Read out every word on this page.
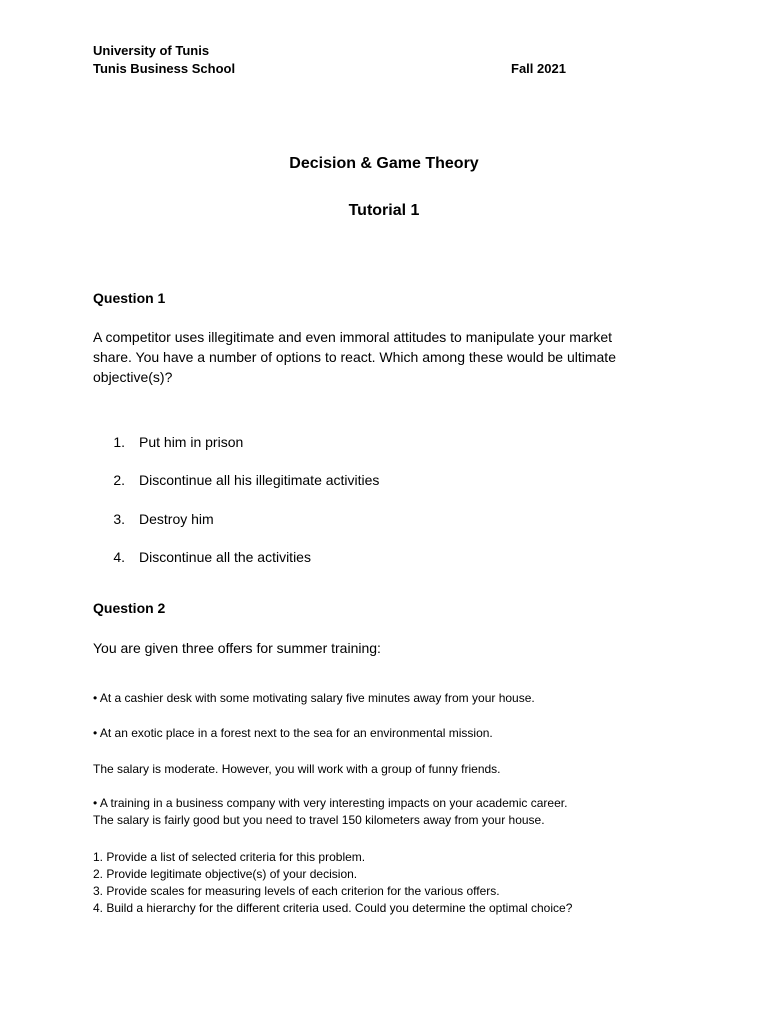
University of Tunis
Tunis Business School	Fall 2021
Decision & Game Theory
Tutorial 1
Question 1
A competitor uses illegitimate and even immoral attitudes to manipulate your market
share. You have a number of options to react. Which among these would be ultimate
objective(s)?
1. Put him in prison
2. Discontinue all his illegitimate activities
3. Destroy him
4. Discontinue all the activities
Question 2
You are given three offers for summer training:
• At a cashier desk with some motivating salary five minutes away from your house.
• At an exotic place in a forest next to the sea for an environmental mission.
The salary is moderate. However, you will work with a group of funny friends.
• A training in a business company with very interesting impacts on your academic career.
The salary is fairly good but you need to travel 150 kilometers away from your house.
1. Provide a list of selected criteria for this problem.
2. Provide legitimate objective(s) of your decision.
3. Provide scales for measuring levels of each criterion for the various offers.
4. Build a hierarchy for the different criteria used. Could you determine the optimal choice?
